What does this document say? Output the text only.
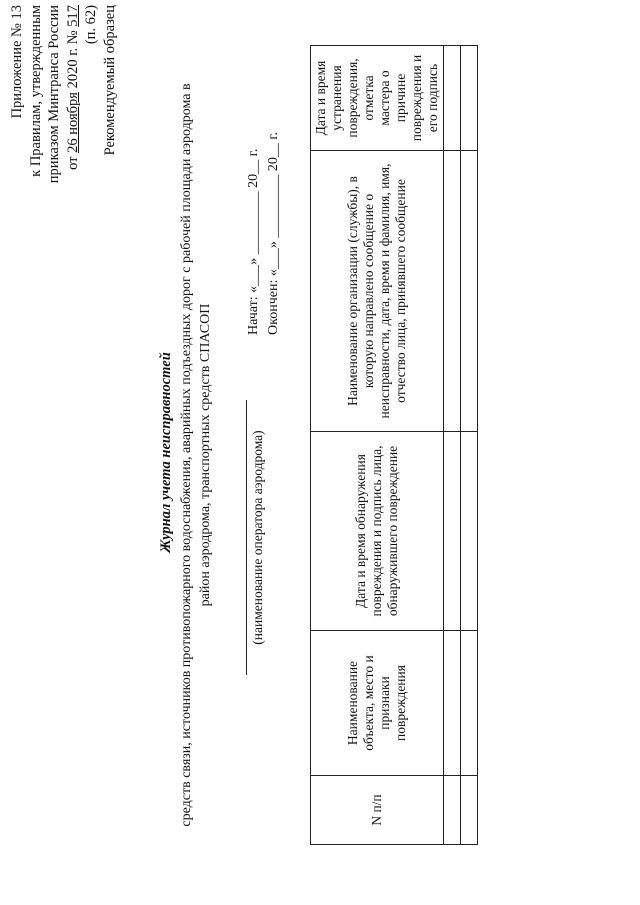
Приложение № 13 к Правилам, утвержденным приказом Минтранса России от 26 ноября 2020 г. № 517 (п. 62) Рекомендуемый образец
Журнал учета неисправностей средств связи, источников противопожарного водоснабжения, аварийных подъездных дорог с рабочей площади аэродрома в район аэродрома, транспортных средств СПАСОП	(наименование оператора аэродрома)
Начат: «___» _________ 20__ г. Окончен: «___» _________ 20__ г.
N п/п	Наименование объекта, место и признаки повреждения	Дата и время обнаружения повреждения и подпись лица, обнаружившего повреждение	Наименование организации (службы), в которую направлено сообщение о неисправности, дата, время и фамилия, имя, отчество лица, принявшего сообщение	Дата и время устранения повреждения, отметка мастера о причине повреждения и его подпись
